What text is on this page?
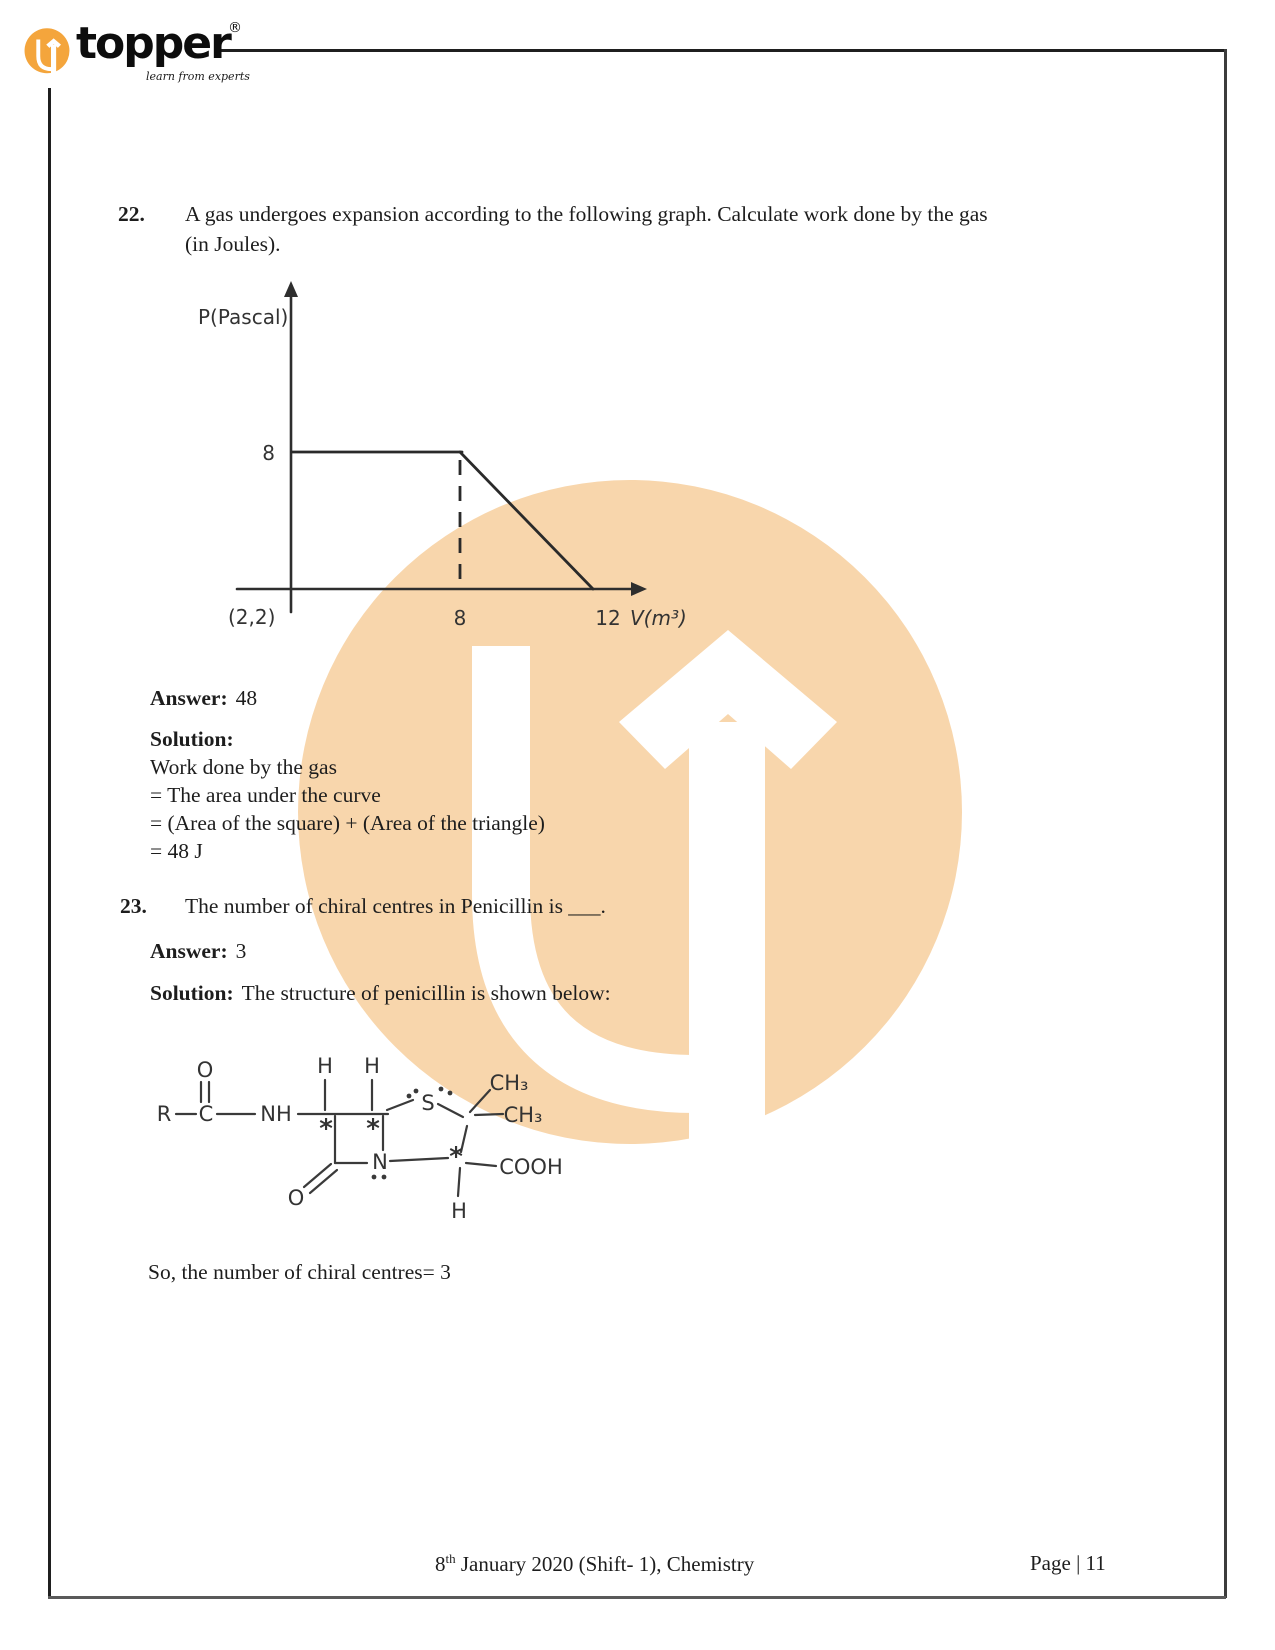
topper
®
learn from experts
22. A gas undergoes expansion according to the following graph. Calculate work done by the gas
(in Joules).
P(Pascal)
8
(2,2)	8	12 V(m³)
Answer: 48
Solution:
Work done by the gas
= The area under the curve
= (Area of the square) + (Area of the triangle)
= 48 J
23. The number of chiral centres in Penicillin is ___.
Answer: 3
Solution: The structure of penicillin is shown below:
R C
O
NH
H H
S
CH₃
CH₃
N
O
COOH
H
* *
*
So, the number of chiral centres= 3
8th January 2020 (Shift- 1), Chemistry	Page | 11
